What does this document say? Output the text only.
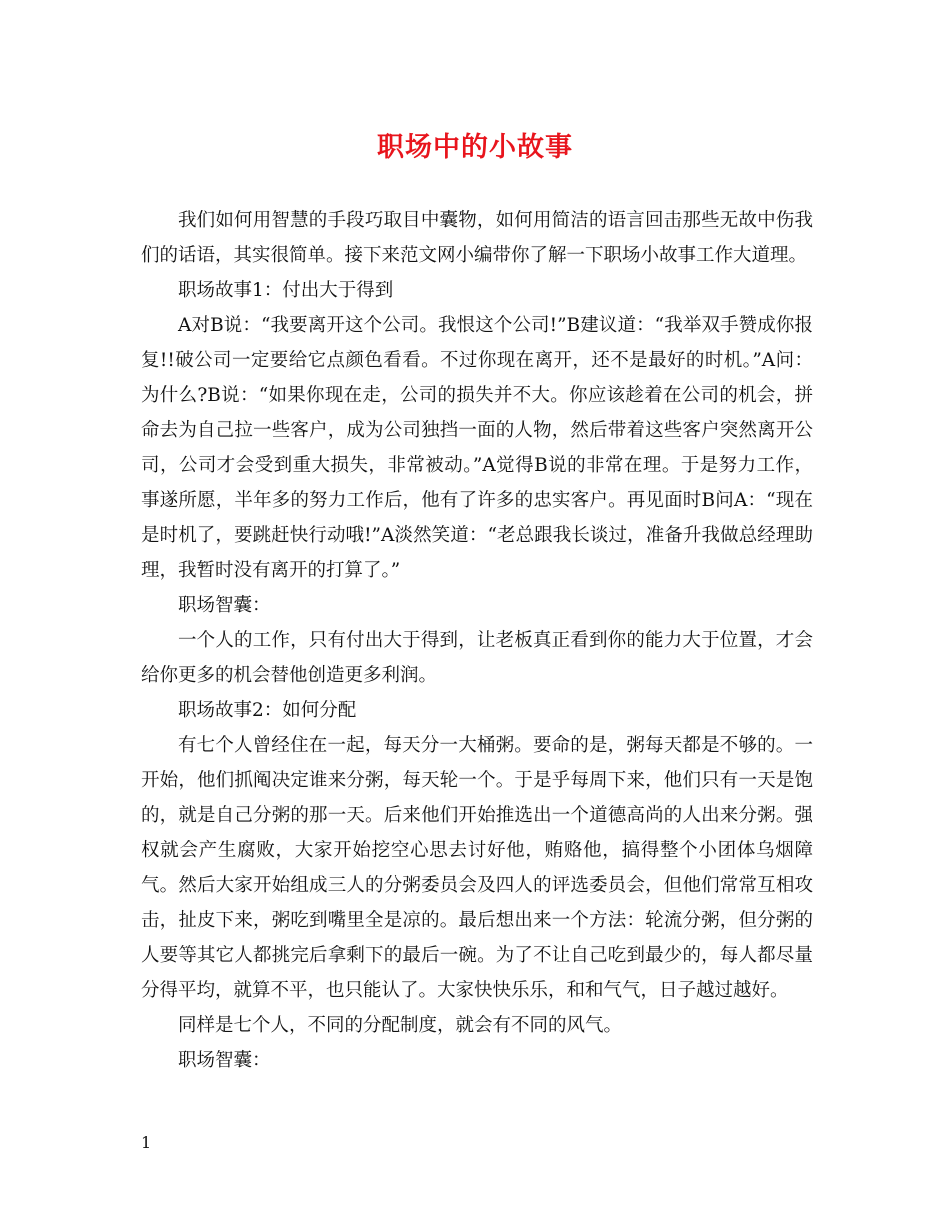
职场中的小故事

我们如何用智慧的手段巧取目中囊物，如何用简洁的语言回击那些无故中伤我们的话语，其实很简单。接下来范文网小编带你了解一下职场小故事工作大道理。

职场故事1：付出大于得到

A对B说：“我要离开这个公司。我恨这个公司!”B建议道：“我举双手赞成你报复!!破公司一定要给它点颜色看看。不过你现在离开，还不是最好的时机。”A问：为什么?B说：“如果你现在走，公司的损失并不大。你应该趁着在公司的机会，拼命去为自己拉一些客户，成为公司独挡一面的人物，然后带着这些客户突然离开公司，公司才会受到重大损失，非常被动。”A觉得B说的非常在理。于是努力工作，事遂所愿，半年多的努力工作后，他有了许多的忠实客户。再见面时B问A：“现在是时机了，要跳赶快行动哦!”A淡然笑道：“老总跟我长谈过，准备升我做总经理助理，我暂时没有离开的打算了。”

职场智囊：

一个人的工作，只有付出大于得到，让老板真正看到你的能力大于位置，才会给你更多的机会替他创造更多利润。

职场故事2：如何分配

有七个人曾经住在一起，每天分一大桶粥。要命的是，粥每天都是不够的。一开始，他们抓阄决定谁来分粥，每天轮一个。于是乎每周下来，他们只有一天是饱的，就是自己分粥的那一天。后来他们开始推选出一个道德高尚的人出来分粥。强权就会产生腐败，大家开始挖空心思去讨好他，贿赂他，搞得整个小团体乌烟障气。然后大家开始组成三人的分粥委员会及四人的评选委员会，但他们常常互相攻击，扯皮下来，粥吃到嘴里全是凉的。最后想出来一个方法：轮流分粥，但分粥的人要等其它人都挑完后拿剩下的最后一碗。为了不让自己吃到最少的，每人都尽量分得平均，就算不平，也只能认了。大家快快乐乐，和和气气，日子越过越好。

同样是七个人，不同的分配制度，就会有不同的风气。

职场智囊：

1
